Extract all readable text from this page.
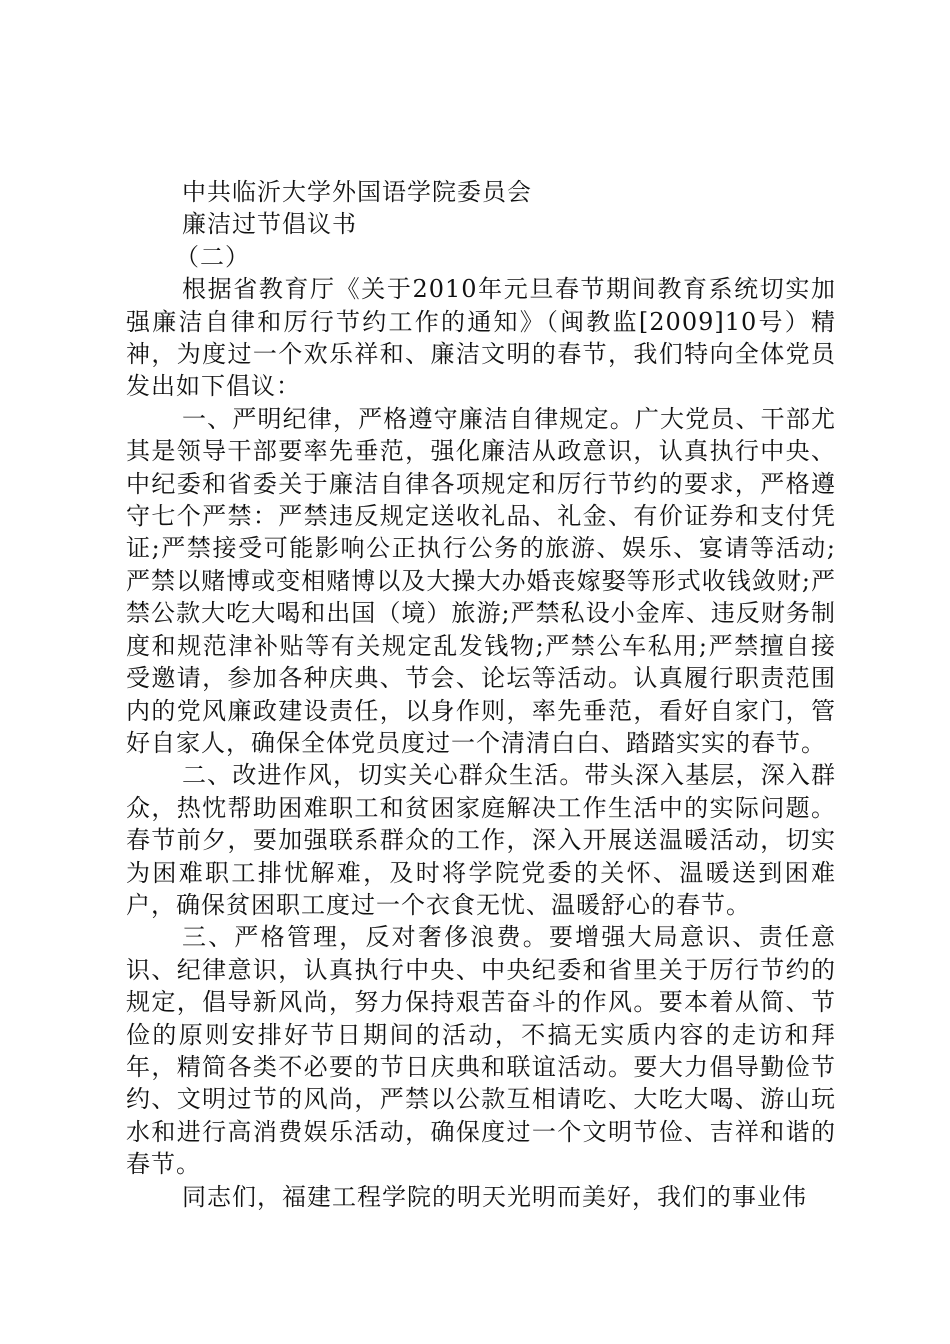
中共临沂大学外国语学院委员会

廉洁过节倡议书

（二）

根据省教育厅《关于2010年元旦春节期间教育系统切实加强廉洁自律和厉行节约工作的通知》（闽教监[2009]10号）精神，为度过一个欢乐祥和、廉洁文明的春节，我们特向全体党员发出如下倡议：

一、严明纪律，严格遵守廉洁自律规定。广大党员、干部尤其是领导干部要率先垂范，强化廉洁从政意识，认真执行中央、中纪委和省委关于廉洁自律各项规定和厉行节约的要求，严格遵守七个严禁：严禁违反规定送收礼品、礼金、有价证券和支付凭证;严禁接受可能影响公正执行公务的旅游、娱乐、宴请等活动;严禁以赌博或变相赌博以及大操大办婚丧嫁娶等形式收钱敛财;严禁公款大吃大喝和出国（境）旅游;严禁私设小金库、违反财务制度和规范津补贴等有关规定乱发钱物;严禁公车私用;严禁擅自接受邀请，参加各种庆典、节会、论坛等活动。认真履行职责范围内的党风廉政建设责任，以身作则，率先垂范，看好自家门，管好自家人，确保全体党员度过一个清清白白、踏踏实实的春节。

二、改进作风，切实关心群众生活。带头深入基层，深入群众，热忱帮助困难职工和贫困家庭解决工作生活中的实际问题。春节前夕，要加强联系群众的工作，深入开展送温暖活动，切实为困难职工排忧解难，及时将学院党委的关怀、温暖送到困难户，确保贫困职工度过一个衣食无忧、温暖舒心的春节。

三、严格管理，反对奢侈浪费。要增强大局意识、责任意识、纪律意识，认真执行中央、中央纪委和省里关于厉行节约的规定，倡导新风尚，努力保持艰苦奋斗的作风。要本着从简、节俭的原则安排好节日期间的活动，不搞无实质内容的走访和拜年，精简各类不必要的节日庆典和联谊活动。要大力倡导勤俭节约、文明过节的风尚，严禁以公款互相请吃、大吃大喝、游山玩水和进行高消费娱乐活动，确保度过一个文明节俭、吉祥和谐的春节。

同志们，福建工程学院的明天光明而美好，我们的事业伟
